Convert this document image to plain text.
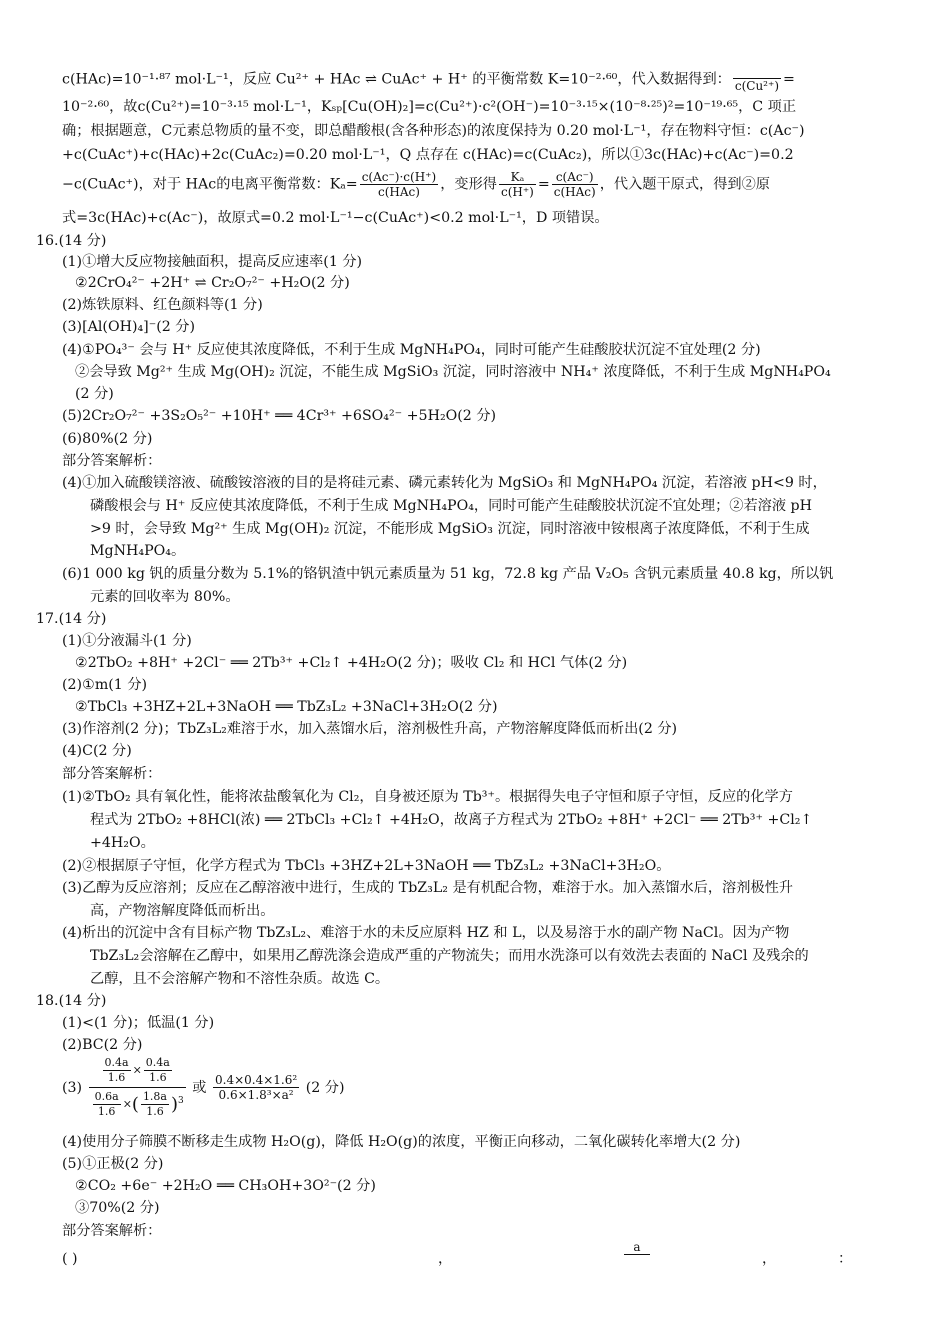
c(HAc)=10⁻¹·⁸⁷ mol·L⁻¹，反应 Cu²⁺ + HAc ⇌ CuAc⁺ + H⁺ 的平衡常数 K=10⁻²·⁶⁰，代入数据得到： c(Cu²⁺) =
10⁻²·⁶⁰，故c(Cu²⁺)=10⁻³·¹⁵ mol·L⁻¹，Kₛₚ[Cu(OH)₂]=c(Cu²⁺)·c²(OH⁻)=10⁻³·¹⁵×(10⁻⁸·²⁵)²=10⁻¹⁹·⁶⁵，C 项正
确；根据题意，C元素总物质的量不变，即总醋酸根(含各种形态)的浓度保持为 0.20 mol·L⁻¹，存在物料守恒：c(Ac⁻)
+c(CuAc⁺)+c(HAc)+2c(CuAc₂)=0.20 mol·L⁻¹，Q 点存在 c(HAc)=c(CuAc₂)，所以①3c(HAc)+c(Ac⁻)=0.2
−c(CuAc⁺)，对于 HAc的电离平衡常数：$K_a= \frac{c(Ac^-)\cdot c(H^+)}{\text{c(HAc)}}$ ，变形得 $\frac{\text{Kₐ}}{c(H^+)} = \frac{c(Ac^-)}{\text{c(HAc)}}$ ，代入题干原式，得到②原
式=3c(HAc)+c(Ac⁻)，故原式=0.2 mol·L⁻¹−c(CuAc⁺)<0.2 mol·L⁻¹，D 项错误。
16.(14 分)
(1)①增大反应物接触面积，提高反应速率(1 分)
②2CrO₄²⁻ +2H⁺ ⇌ Cr₂O₇²⁻ +H₂O(2 分)
(2)炼铁原料、红色颜料等(1 分)
(3)[Al(OH)₄]⁻(2 分)
(4)①PO₄³⁻ 会与 H⁺ 反应使其浓度降低，不利于生成 MgNH₄PO₄，同时可能产生硅酸胶状沉淀不宜处理(2 分)
②会导致 Mg²⁺ 生成 Mg(OH)₂ 沉淀，不能生成 MgSiO₃ 沉淀，同时溶液中 NH₄⁺ 浓度降低，不利于生成 MgNH₄PO₄
(2 分)
(5)2Cr₂O₇²⁻ +3S₂O₅²⁻ +10H⁺ ══ 4Cr³⁺ +6SO₄²⁻ +5H₂O(2 分)
(6)80%(2 分)
部分答案解析：
(4)①加入硫酸镁溶液、硫酸铵溶液的目的是将硅元素、磷元素转化为 MgSiO₃ 和 MgNH₄PO₄ 沉淀，若溶液 pH<9 时，
磷酸根会与 H⁺ 反应使其浓度降低，不利于生成 MgNH₄PO₄，同时可能产生硅酸胶状沉淀不宜处理；②若溶液 pH
>9 时，会导致 Mg²⁺ 生成 Mg(OH)₂ 沉淀，不能形成 MgSiO₃ 沉淀，同时溶液中铵根离子浓度降低，不利于生成
MgNH₄PO₄。
(6)1 000 kg 钒的质量分数为 5.1%的铬钒渣中钒元素质量为 51 kg，72.8 kg 产品 V₂O₅ 含钒元素质量 40.8 kg，所以钒
元素的回收率为 80%。
17.(14 分)
(1)①分液漏斗(1 分)
②2TbO₂ +8H⁺ +2Cl⁻ ══ 2Tb³⁺ +Cl₂↑ +4H₂O(2 分)；吸收 Cl₂ 和 HCl 气体(2 分)
(2)①m(1 分)
②TbCl₃ +3HZ+2L+3NaOH ══ TbZ₃L₂ +3NaCl+3H₂O(2 分)
(3)作溶剂(2 分)；TbZ₃L₂难溶于水，加入蒸馏水后，溶剂极性升高，产物溶解度降低而析出(2 分)
(4)C(2 分)
部分答案解析：
(1)②TbO₂ 具有氧化性，能将浓盐酸氧化为 Cl₂，自身被还原为 Tb³⁺。根据得失电子守恒和原子守恒，反应的化学方
程式为 2TbO₂ +8HCl(浓) ══ 2TbCl₃ +Cl₂↑ +4H₂O，故离子方程式为 2TbO₂ +8H⁺ +2Cl⁻ ══ 2Tb³⁺ +Cl₂↑
+4H₂O。
(2)②根据原子守恒，化学方程式为 TbCl₃ +3HZ+2L+3NaOH ══ TbZ₃L₂ +3NaCl+3H₂O。
(3)乙醇为反应溶剂；反应在乙醇溶液中进行，生成的 TbZ₃L₂ 是有机配合物，难溶于水。加入蒸馏水后，溶剂极性升
高，产物溶解度降低而析出。
(4)析出的沉淀中含有目标产物 TbZ₃L₂、难溶于水的未反应原料 HZ 和 L，以及易溶于水的副产物 NaCl。因为产物
TbZ₃L₂会溶解在乙醇中，如果用乙醇洗涤会造成严重的产物流失；而用水洗涤可以有效洗去表面的 NaCl 及残余的
乙醇，且不会溶解产物和不溶性杂质。故选 C。
18.(14 分)
(1)<(1 分)；低温(1 分)
(2)BC(2 分)
$(3) \frac{\frac{0.4a}{1.6} \times \frac{0.4a}{1.6}}{\frac{0.6a}{1.6} \times( \frac{1.8a}{1.6} )^3}$ 或 $\frac{\text{0.4×0.4×1.6²}}{\text{0.6×1.8³×a²}} (2$ 分)
(4)使用分子筛膜不断移走生成物 H₂O(g)，降低 H₂O(g)的浓度，平衡正向移动，二氧化碳转化率增大(2 分)
(5)①正极(2 分)
②CO₂ +6e⁻ +2H₂O ══ CH₃OH+3O²⁻(2 分)
③70%(2 分)
部分答案解析：
( )	，
a
，	：
